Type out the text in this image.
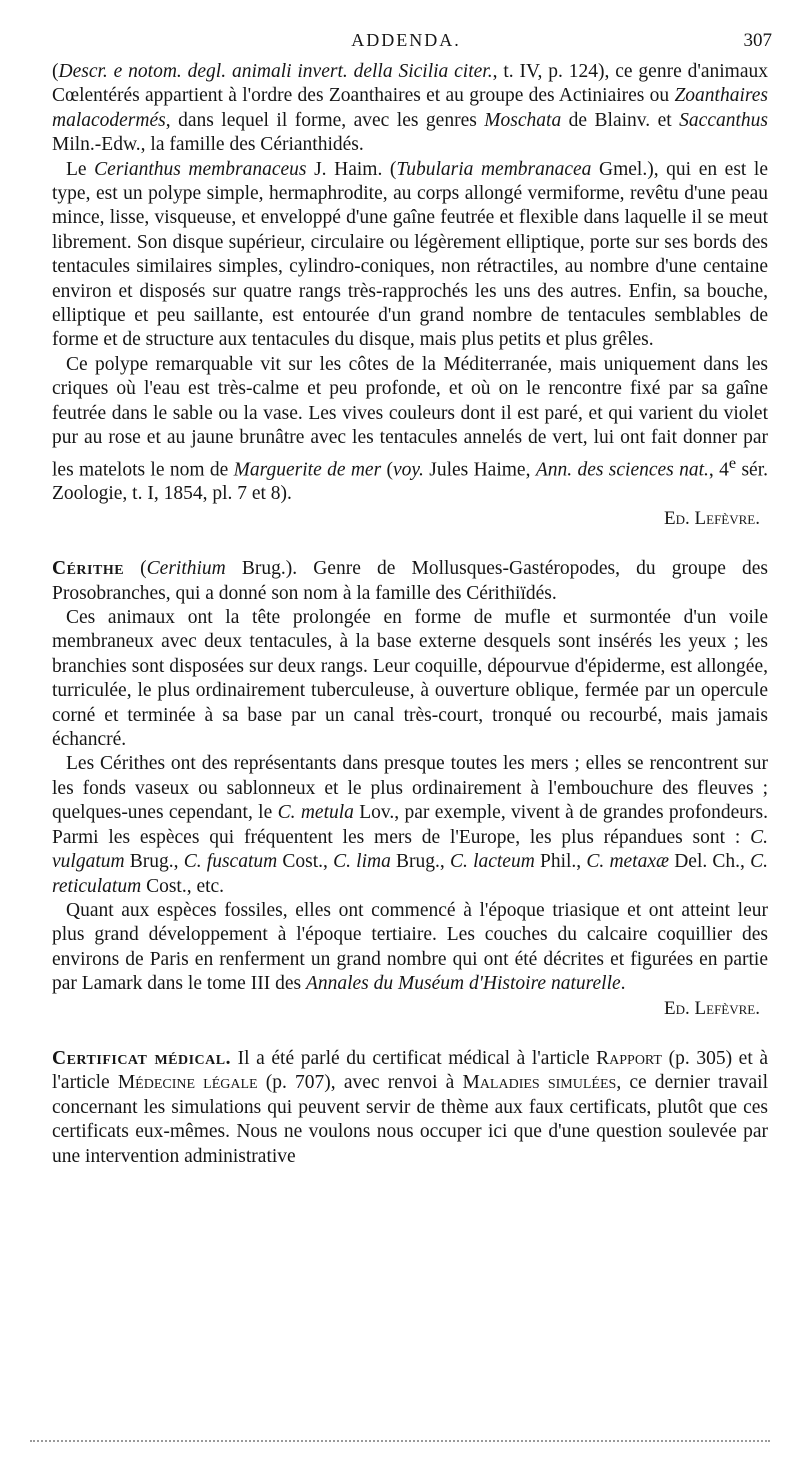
ADDENDA.	307

(Descr. e notom. degl. animali invert. della Sicilia citer., t. IV, p. 124), ce genre d'animaux Cœlentérés appartient à l'ordre des Zoanthaires et au groupe des Actiniaires ou Zoanthaires malacodermés, dans lequel il forme, avec les genres Moschata de Blainv. et Saccanthus Miln.-Edw., la famille des Cérianthidés.

Le Cerianthus membranaceus J. Haim. (Tubularia membranacea Gmel.), qui en est le type, est un polype simple, hermaphrodite, au corps allongé vermiforme, revêtu d'une peau mince, lisse, visqueuse, et enveloppé d'une gaîne feutrée et flexible dans laquelle il se meut librement. Son disque supérieur, circulaire ou légèrement elliptique, porte sur ses bords des tentacules similaires simples, cylindro-coniques, non rétractiles, au nombre d'une centaine environ et disposés sur quatre rangs très-rapprochés les uns des autres. Enfin, sa bouche, elliptique et peu saillante, est entourée d'un grand nombre de tentacules semblables de forme et de structure aux tentacules du disque, mais plus petits et plus grêles.

Ce polype remarquable vit sur les côtes de la Méditerranée, mais uniquement dans les criques où l'eau est très-calme et peu profonde, et où on le rencontre fixé par sa gaîne feutrée dans le sable ou la vase. Les vives couleurs dont il est paré, et qui varient du violet pur au rose et au jaune brunâtre avec les tentacules annelés de vert, lui ont fait donner par les matelots le nom de Marguerite de mer (voy. Jules Haime, Ann. des sciences nat., 4e sér. Zoologie, t. I, 1854, pl. 7 et 8).

Ed. Lefèvre.

Cérithe (Cerithium Brug.). Genre de Mollusques-Gastéropodes, du groupe des Prosobranches, qui a donné son nom à la famille des Cérithiïdés.

Ces animaux ont la tête prolongée en forme de mufle et surmontée d'un voile membraneux avec deux tentacules, à la base externe desquels sont insérés les yeux ; les branchies sont disposées sur deux rangs. Leur coquille, dépourvue d'épiderme, est allongée, turriculée, le plus ordinairement tuberculeuse, à ouverture oblique, fermée par un opercule corné et terminée à sa base par un canal très-court, tronqué ou recourbé, mais jamais échancré.

Les Cérithes ont des représentants dans presque toutes les mers ; elles se rencontrent sur les fonds vaseux ou sablonneux et le plus ordinairement à l'embouchure des fleuves ; quelques-unes cependant, le C. metula Lov., par exemple, vivent à de grandes profondeurs. Parmi les espèces qui fréquentent les mers de l'Europe, les plus répandues sont : C. vulgatum Brug., C. fuscatum Cost., C. lima Brug., C. lacteum Phil., C. metaxæ Del. Ch., C. reticulatum Cost., etc.

Quant aux espèces fossiles, elles ont commencé à l'époque triasique et ont atteint leur plus grand développement à l'époque tertiaire. Les couches du calcaire coquillier des environs de Paris en renferment un grand nombre qui ont été décrites et figurées en partie par Lamark dans le tome III des Annales du Muséum d'Histoire naturelle.

Ed. Lefèvre.

Certificat médical. Il a été parlé du certificat médical à l'article Rapport (p. 305) et à l'article Médecine légale (p. 707), avec renvoi à Maladies simulées, ce dernier travail concernant les simulations qui peuvent servir de thème aux faux certificats, plutôt que ces certificats eux-mêmes. Nous ne voulons nous occuper ici que d'une question soulevée par une intervention administrative
